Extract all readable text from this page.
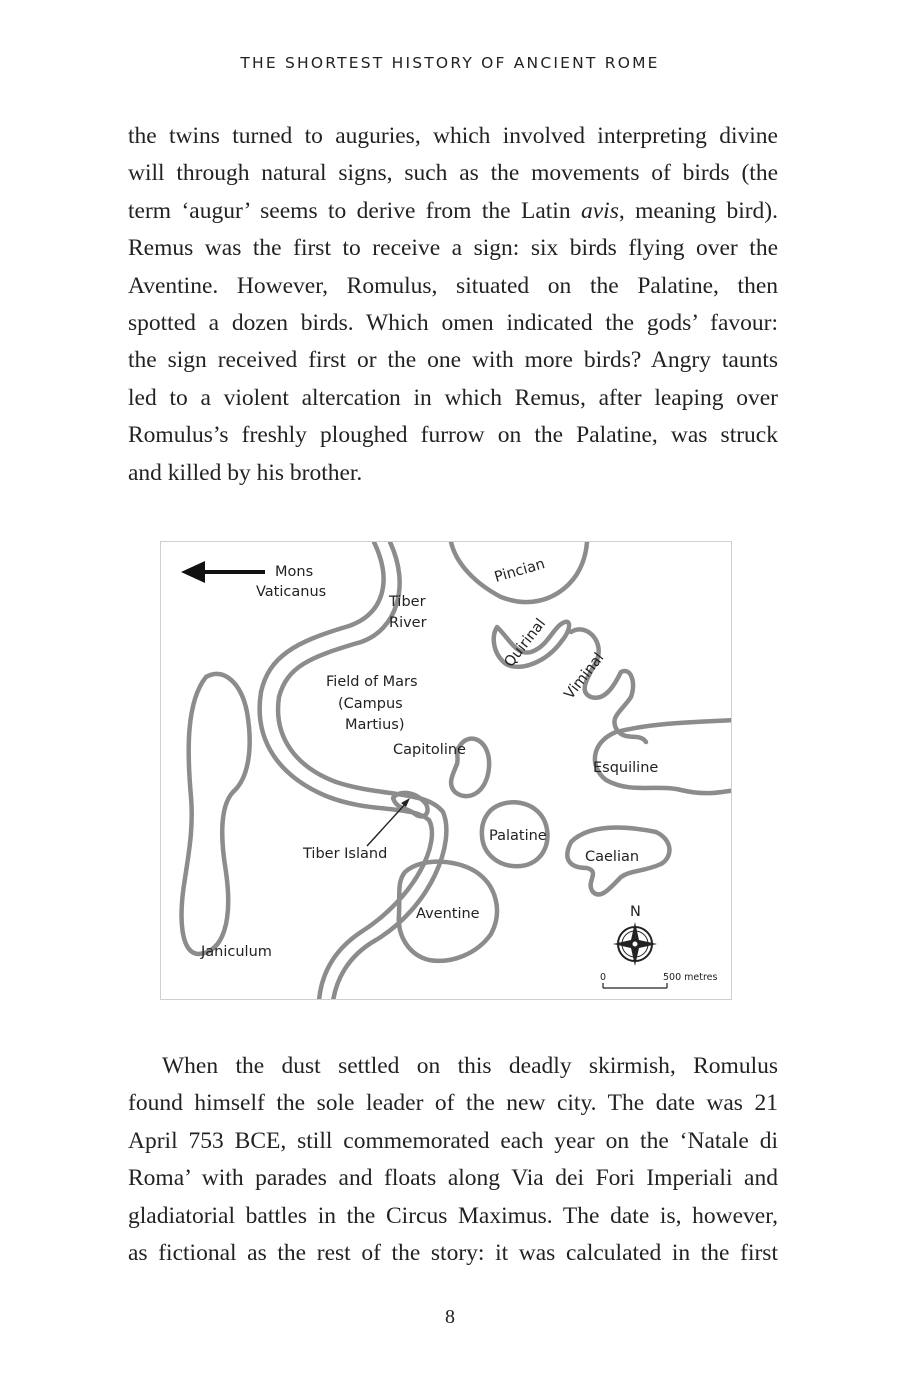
THE SHORTEST HISTORY OF ANCIENT ROME
the twins turned to auguries, which involved interpreting divine
will through natural signs, such as the movements of birds (the
term ‘augur’ seems to derive from the Latin avis, meaning bird).
Remus was the first to receive a sign: six birds flying over the
Aventine. However, Romulus, situated on the Palatine, then
spotted a dozen birds. Which omen indicated the gods’ favour:
the sign received first or the one with more birds? Angry taunts
led to a violent altercation in which Remus, after leaping over
Romulus’s freshly ploughed furrow on the Palatine, was struck
and killed by his brother.
Mons
Vaticanus
Tiber
River
Pincian
Quirinal
Viminal
Field of Mars
(Campus
Martius)
Capitoline
Esquiline
Tiber Island
Palatine
Caelian
Aventine
Janiculum
N
0	500 metres
When the dust settled on this deadly skirmish, Romulus
found himself the sole leader of the new city. The date was 21
April 753 BCE, still commemorated each year on the ‘Natale di
Roma’ with parades and floats along Via dei Fori Imperiali and
gladiatorial battles in the Circus Maximus. The date is, however,
as fictional as the rest of the story: it was calculated in the first
8
